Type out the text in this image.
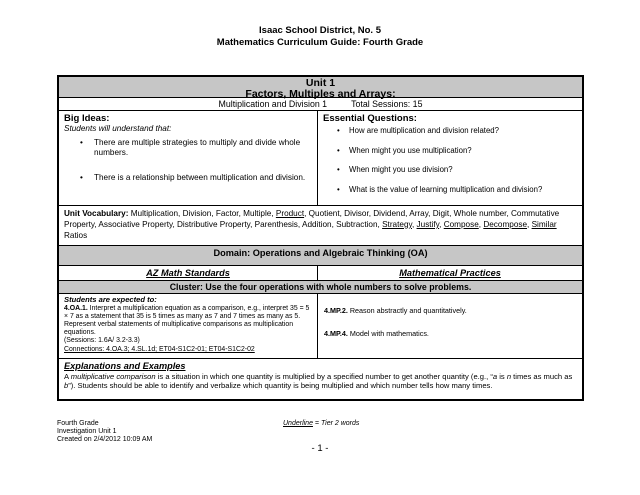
Isaac School District, No. 5
Mathematics Curriculum Guide: Fourth Grade
Unit 1
Factors, Multiples and Arrays:
Multiplication and Division 1	Total Sessions: 15
Big Ideas:
Students will understand that:
•	There are multiple strategies to multiply and divide whole numbers.
•	There is a relationship between multiplication and division.
Essential Questions:
•	How are multiplication and division related?
•	When might you use multiplication?
•	When might you use division?
•	What is the value of learning multiplication and division?
Unit Vocabulary: Multiplication, Division, Factor, Multiple, Product, Quotient, Divisor, Dividend, Array, Digit, Whole number, Commutative Property, Associative Property, Distributive Property, Parenthesis, Addition, Subtraction, Strategy, Justify, Compose, Decompose, Similar Ratios
Domain: Operations and Algebraic Thinking (OA)
AZ Math Standards	Mathematical Practices
Cluster: Use the four operations with whole numbers to solve problems.
Students are expected to:
4.OA.1. Interpret a multiplication equation as a comparison, e.g., interpret 35 = 5 × 7 as a statement that 35 is 5 times as many as 7 and 7 times as many as 5. Represent verbal statements of multiplicative comparisons as multiplication equations.
(Sessions: 1.6A/ 3.2-3.3)
Connections: 4.OA.3; 4.SL.1d; ET04-S1C2-01; ET04-S1C2-02
4.MP.2. Reason abstractly and quantitatively.
4.MP.4. Model with mathematics.
Explanations and Examples
A multiplicative comparison is a situation in which one quantity is multiplied by a specified number to get another quantity (e.g., “a is n times as much as b”). Students should be able to identify and verbalize which quantity is being multiplied and which number tells how many times.
Fourth Grade
Investigation Unit 1
Created on 2/4/2012 10:09 AM
Underline = Tier 2 words
- 1 -
